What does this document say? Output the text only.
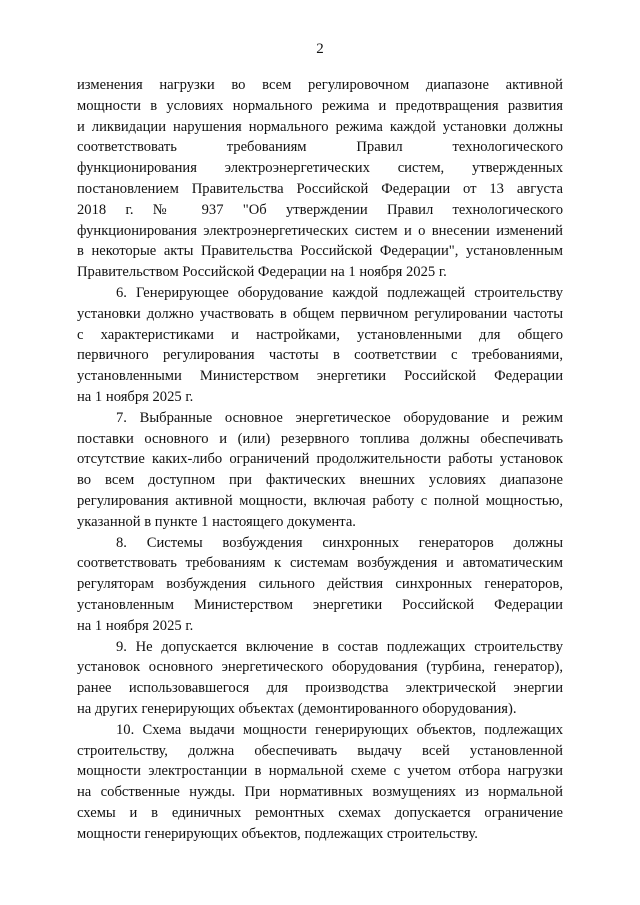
2
изменения нагрузки во всем регулировочном диапазоне активной
мощности в условиях нормального режима и предотвращения развития
и ликвидации нарушения нормального режима каждой установки должны
соответствовать требованиям Правил технологического
функционирования электроэнергетических систем, утвержденных
постановлением Правительства Российской Федерации от 13 августа
2018 г. № 937 "Об утверждении Правил технологического
функционирования электроэнергетических систем и о внесении изменений
в некоторые акты Правительства Российской Федерации", установленным
Правительством Российской Федерации на 1 ноября 2025 г.
6. Генерирующее оборудование каждой подлежащей строительству
установки должно участвовать в общем первичном регулировании частоты
с характеристиками и настройками, установленными для общего
первичного регулирования частоты в соответствии с требованиями,
установленными Министерством энергетики Российской Федерации
на 1 ноября 2025 г.
7. Выбранные основное энергетическое оборудование и режим
поставки основного и (или) резервного топлива должны обеспечивать
отсутствие каких-либо ограничений продолжительности работы установок
во всем доступном при фактических внешних условиях диапазоне
регулирования активной мощности, включая работу с полной мощностью,
указанной в пункте 1 настоящего документа.
8. Системы возбуждения синхронных генераторов должны
соответствовать требованиям к системам возбуждения и автоматическим
регуляторам возбуждения сильного действия синхронных генераторов,
установленным Министерством энергетики Российской Федерации
на 1 ноября 2025 г.
9. Не допускается включение в состав подлежащих строительству
установок основного энергетического оборудования (турбина, генератор),
ранее использовавшегося для производства электрической энергии
на других генерирующих объектах (демонтированного оборудования).
10. Схема выдачи мощности генерирующих объектов, подлежащих
строительству, должна обеспечивать выдачу всей установленной
мощности электростанции в нормальной схеме с учетом отбора нагрузки
на собственные нужды. При нормативных возмущениях из нормальной
схемы и в единичных ремонтных схемах допускается ограничение
мощности генерирующих объектов, подлежащих строительству.
